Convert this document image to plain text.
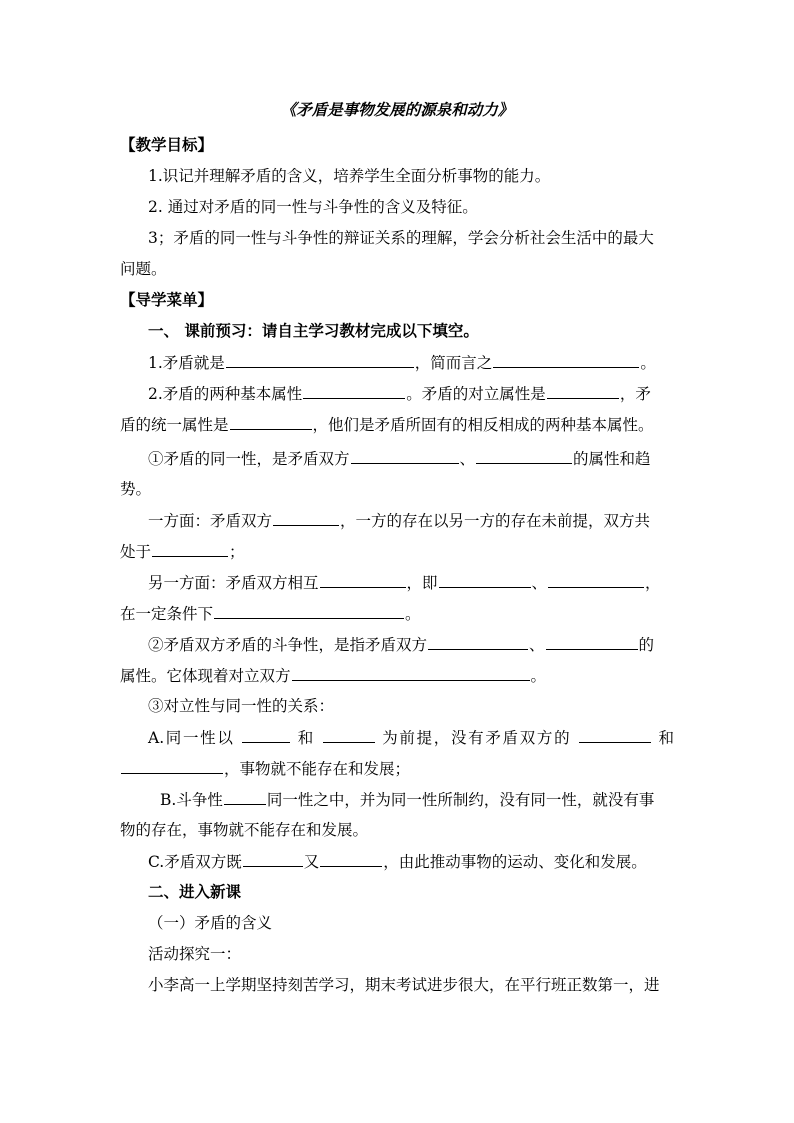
《矛盾是事物发展的源泉和动力》
【教学目标】
1.识记并理解矛盾的含义，培养学生全面分析事物的能力。
2. 通过对矛盾的同一性与斗争性的含义及特征。
3；矛盾的同一性与斗争性的辩证关系的理解，学会分析社会生活中的最大
问题。
【导学菜单】
一、 课前预习：请自主学习教材完成以下填空。
1.矛盾就是	，简而言之	。
2.矛盾的两种基本属性	。矛盾的对立属性是	，矛
盾的统一属性是	，他们是矛盾所固有的相反相成的两种基本属性。
①矛盾的同一性，是矛盾双方	、	的属性和趋
势。
一方面：矛盾双方	，一方的存在以另一方的存在未前提，双方共
处于	；
另一方面：矛盾双方相互	，即	、	，
在一定条件下	。
②矛盾双方矛盾的斗争性，是指矛盾双方	、	的
属性。它体现着对立双方	。
③对立性与同一性的关系：
A.同一性以	和	为前提，没有矛盾双方的	和
，事物就不能存在和发展；
B.斗争性	同一性之中，并为同一性所制约，没有同一性，就没有事
物的存在，事物就不能存在和发展。
C.矛盾双方既	又	，由此推动事物的运动、变化和发展。
二、进入新课
（一）矛盾的含义
活动探究一：
小李高一上学期坚持刻苦学习，期末考试进步很大，在平行班正数第一，进
